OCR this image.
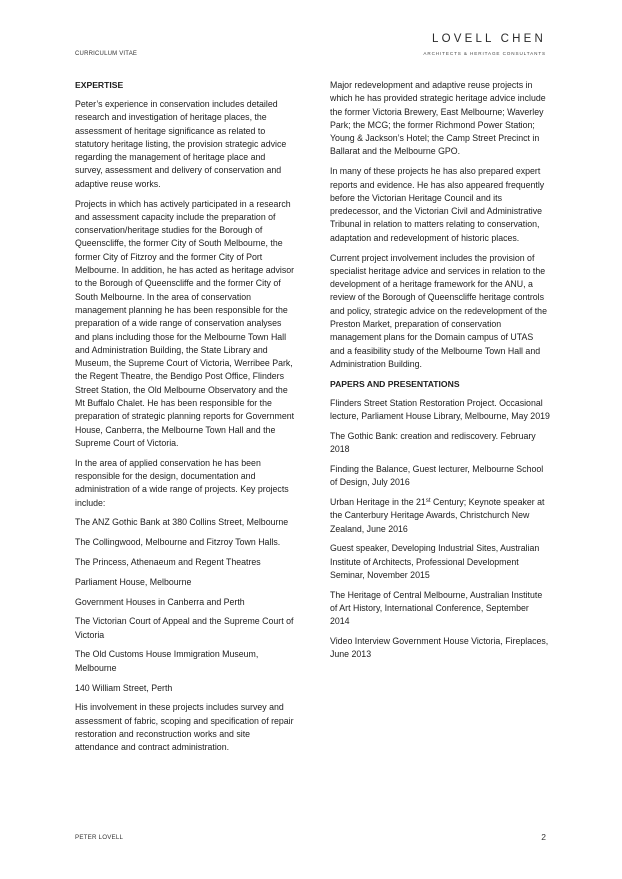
LOVELL CHEN
ARCHITECTS & HERITAGE CONSULTANTS
CURRICULUM VITAE
EXPERTISE

Peter’s experience in conservation includes detailed research and investigation of heritage places, the assessment of heritage significance as related to statutory heritage listing, the provision strategic advice regarding the management of heritage place and survey, assessment and delivery of conservation and adaptive reuse works.

Projects in which has actively participated in a research and assessment capacity include the preparation of conservation/heritage studies for the Borough of Queenscliffe, the former City of South Melbourne, the former City of Fitzroy and the former City of Port Melbourne. In addition, he has acted as heritage advisor to the Borough of Queenscliffe and the former City of South Melbourne. In the area of conservation management planning he has been responsible for the preparation of a wide range of conservation analyses and plans including those for the Melbourne Town Hall and Administration Building, the State Library and Museum, the Supreme Court of Victoria, Werribee Park, the Regent Theatre, the Bendigo Post Office, Flinders Street Station, the Old Melbourne Observatory and the Mt Buffalo Chalet. He has been responsible for the preparation of strategic planning reports for Government House, Canberra, the Melbourne Town Hall and the Supreme Court of Victoria.

In the area of applied conservation he has been responsible for the design, documentation and administration of a wide range of projects. Key projects include:

The ANZ Gothic Bank at 380 Collins Street, Melbourne

The Collingwood, Melbourne and Fitzroy Town Halls.

The Princess, Athenaeum and Regent Theatres

Parliament House, Melbourne

Government Houses in Canberra and Perth

The Victorian Court of Appeal and the Supreme Court of Victoria

The Old Customs House Immigration Museum, Melbourne

140 William Street, Perth

His involvement in these projects includes survey and assessment of fabric, scoping and specification of repair restoration and reconstruction works and site attendance and contract administration.

Major redevelopment and adaptive reuse projects in which he has provided strategic heritage advice include the former Victoria Brewery, East Melbourne; Waverley Park; the MCG; the former Richmond Power Station; Young & Jackson’s Hotel; the Camp Street Precinct in Ballarat and the Melbourne GPO.

In many of these projects he has also prepared expert reports and evidence. He has also appeared frequently before the Victorian Heritage Council and its predecessor, and the Victorian Civil and Administrative Tribunal in relation to matters relating to conservation, adaptation and redevelopment of historic places.

Current project involvement includes the provision of specialist heritage advice and services in relation to the development of a heritage framework for the ANU, a review of the Borough of Queenscliffe heritage controls and policy, strategic advice on the redevelopment of the Preston Market, preparation of conservation management plans for the Domain campus of UTAS and a feasibility study of the Melbourne Town Hall and Administration Building.

PAPERS AND PRESENTATIONS

Flinders Street Station Restoration Project. Occasional lecture, Parliament House Library, Melbourne, May 2019

The Gothic Bank: creation and rediscovery. February 2018

Finding the Balance, Guest lecturer, Melbourne School of Design, July 2016

Urban Heritage in the 21st Century; Keynote speaker at the Canterbury Heritage Awards, Christchurch New Zealand, June 2016

Guest speaker, Developing Industrial Sites, Australian Institute of Architects, Professional Development Seminar, November 2015

The Heritage of Central Melbourne, Australian Institute of Art History, International Conference, September 2014

Video Interview Government House Victoria, Fireplaces, June 2013

PETER LOVELL	2
